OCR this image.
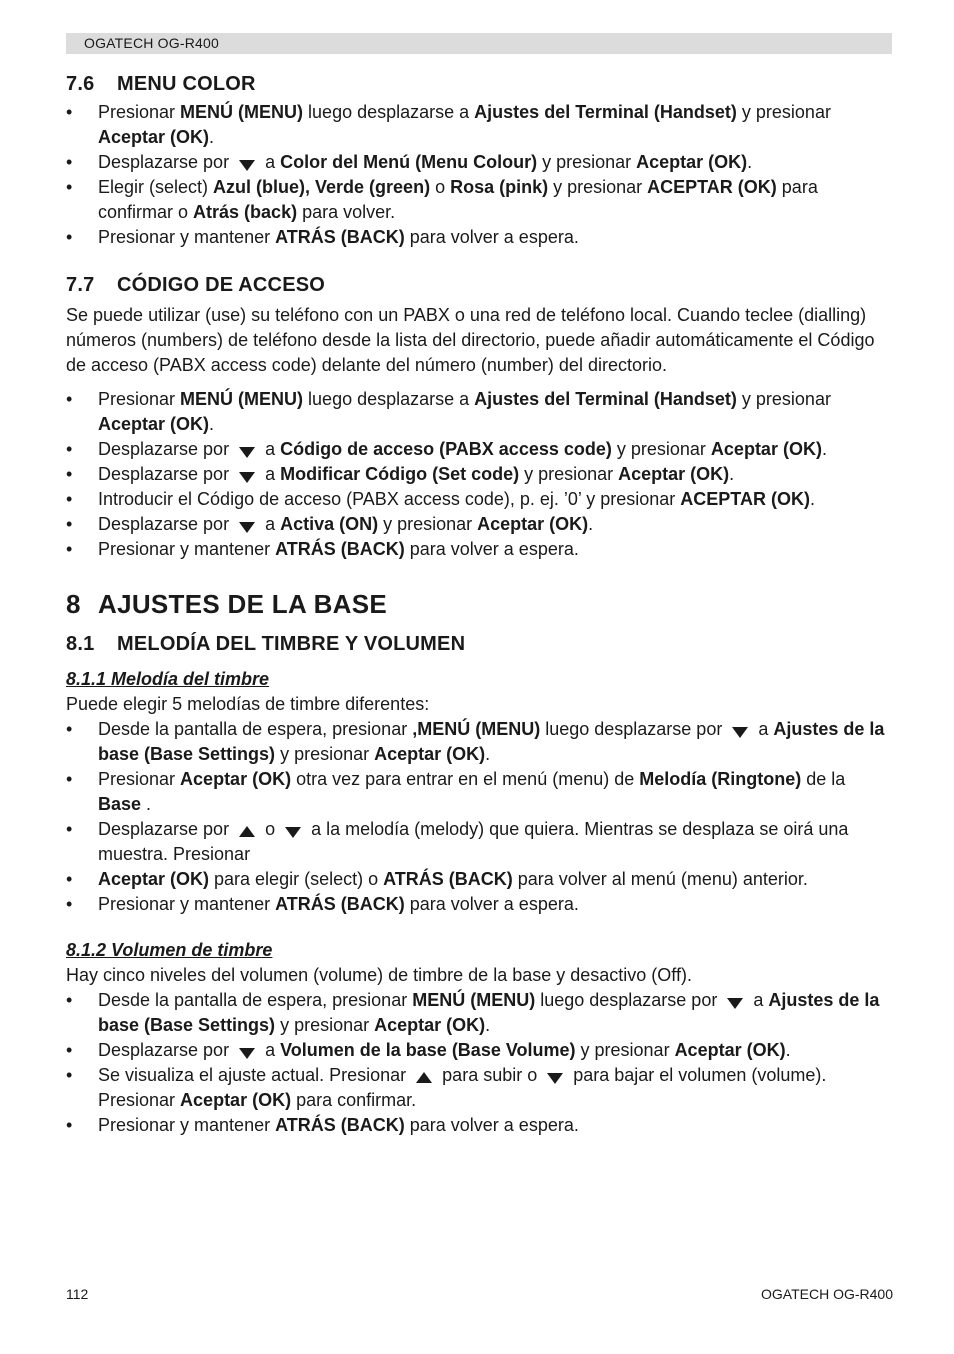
OGATECH OG-R400
7.6 MENU COLOR
• Presionar MENÚ (MENU) luego desplazarse a Ajustes del Terminal (Handset) y presionar Aceptar (OK).
• Desplazarse por  a Color del Menú (Menu Colour) y presionar Aceptar (OK).
• Elegir (select) Azul (blue), Verde (green) o Rosa (pink) y presionar ACEPTAR (OK) para confirmar o Atrás (back) para volver.
• Presionar y mantener ATRÁS (BACK) para volver a espera.
7.7 CÓDIGO DE ACCESO

Se puede utilizar (use) su teléfono con un PABX o una red de teléfono local. Cuando teclee (dialling) números (numbers) de teléfono desde la lista del directorio, puede añadir automáticamente el Código de acceso (PABX access code) delante del número (number) del directorio.

• Presionar MENÚ (MENU) luego desplazarse a Ajustes del Terminal (Handset) y presionar Aceptar (OK).
• Desplazarse por  a Código de acceso (PABX access code) y presionar Aceptar (OK).
• Desplazarse por  a Modificar Código (Set code) y presionar Aceptar (OK).
• Introducir el Código de acceso (PABX access code), p. ej. ’0’ y presionar ACEPTAR (OK).
• Desplazarse por  a Activa (ON) y presionar Aceptar (OK).
• Presionar y mantener ATRÁS (BACK) para volver a espera.
8 AJUSTES DE LA BASE
8.1 MELODÍA DEL TIMBRE Y VOLUMEN
8.1.1 Melodía del timbre

Puede elegir 5 melodías de timbre diferentes:

• Desde la pantalla de espera, presionar ,MENÚ (MENU) luego desplazarse por  a Ajustes de la base (Base Settings) y presionar Aceptar (OK).
• Presionar Aceptar (OK) otra vez para entrar en el menú (menu) de Melodía (Ringtone) de la Base .
• Desplazarse por  o  a la melodía (melody) que quiera. Mientras se desplaza se oirá una muestra. Presionar
• Aceptar (OK) para elegir (select) o ATRÁS (BACK) para volver al menú (menu) anterior.
• Presionar y mantener ATRÁS (BACK) para volver a espera.
8.1.2 Volumen de timbre

Hay cinco niveles del volumen (volume) de timbre de la base y desactivo (Off).

• Desde la pantalla de espera, presionar MENÚ (MENU) luego desplazarse por  a Ajustes de la base (Base Settings) y presionar Aceptar (OK).
• Desplazarse por  a Volumen de la base (Base Volume) y presionar Aceptar (OK).
• Se visualiza el ajuste actual. Presionar  para subir o  para bajar el volumen (volume). Presionar Aceptar (OK) para confirmar.
• Presionar y mantener ATRÁS (BACK) para volver a espera.
112	OGATECH OG-R400
